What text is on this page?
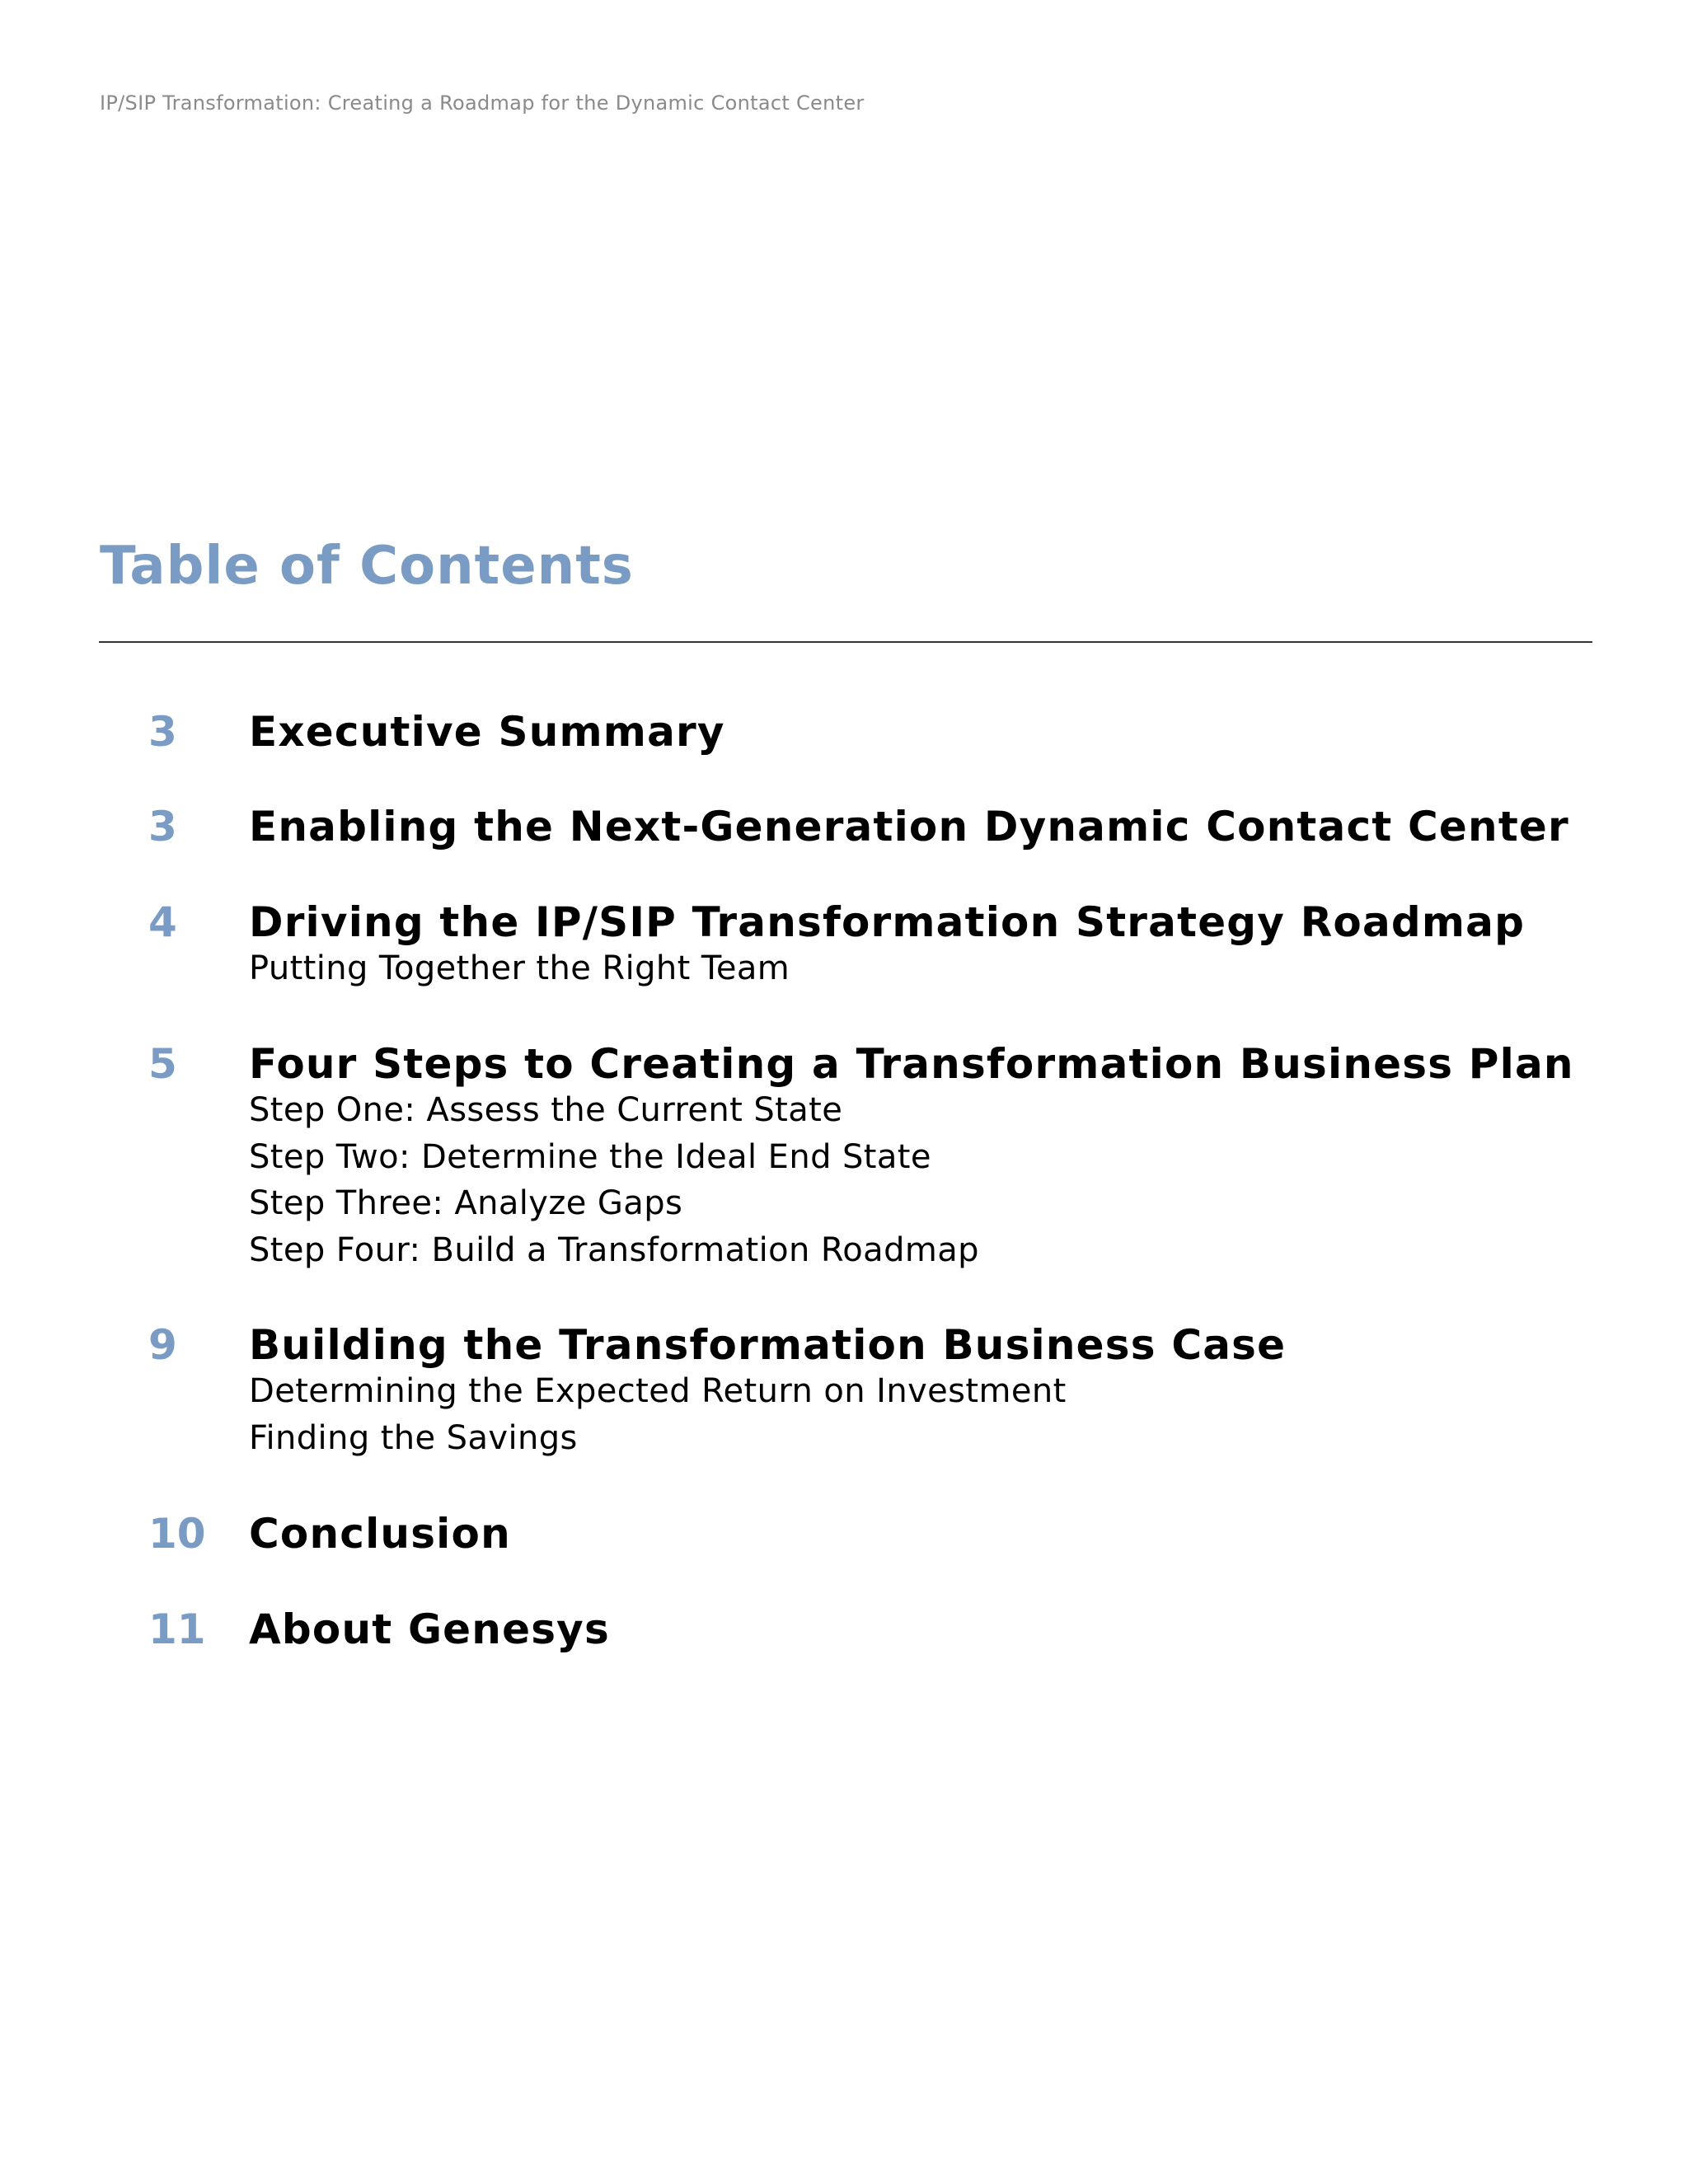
IP/SIP Transformation: Creating a Roadmap for the Dynamic Contact Center
Table of Contents
3 Executive Summary
3 Enabling the Next-Generation Dynamic Contact Center
4 Driving the IP/SIP Transformation Strategy Roadmap
Putting Together the Right Team
5 Four Steps to Creating a Transformation Business Plan
Step One: Assess the Current State
Step Two: Determine the Ideal End State
Step Three: Analyze Gaps
Step Four: Build a Transformation Roadmap
9 Building the Transformation Business Case
Determining the Expected Return on Investment
Finding the Savings
10 Conclusion
11 About Genesys
